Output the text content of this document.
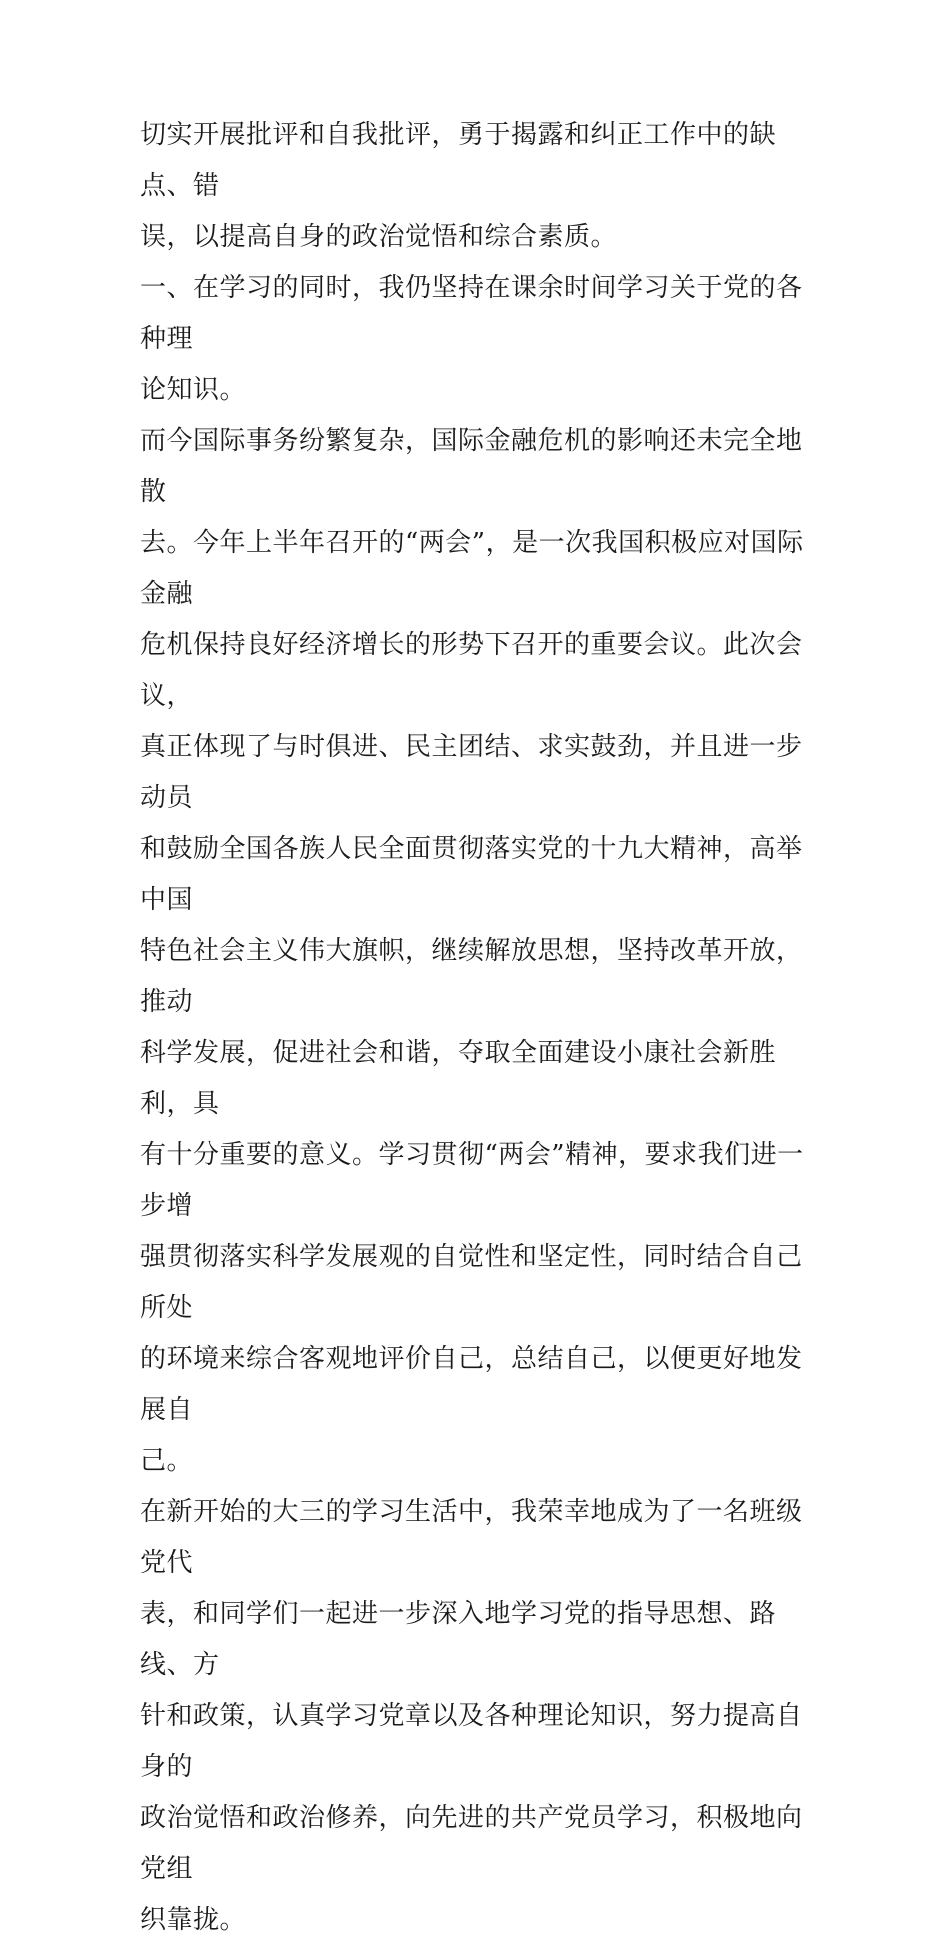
切实开展批评和自我批评，勇于揭露和纠正工作中的缺点、错
误，以提高自身的政治觉悟和综合素质。
一、在学习的同时，我仍坚持在课余时间学习关于党的各种理
论知识。
而今国际事务纷繁复杂，国际金融危机的影响还未完全地散
去。今年上半年召开的“两会”，是一次我国积极应对国际金融
危机保持良好经济增长的形势下召开的重要会议。此次会议，
真正体现了与时俱进、民主团结、求实鼓劲，并且进一步动员
和鼓励全国各族人民全面贯彻落实党的十九大精神，高举中国
特色社会主义伟大旗帜，继续解放思想，坚持改革开放，推动
科学发展，促进社会和谐，夺取全面建设小康社会新胜利，具
有十分重要的意义。学习贯彻“两会”精神，要求我们进一步增
强贯彻落实科学发展观的自觉性和坚定性，同时结合自己所处
的环境来综合客观地评价自己，总结自己，以便更好地发展自
己。
在新开始的大三的学习生活中，我荣幸地成为了一名班级党代
表，和同学们一起进一步深入地学习党的指导思想、路线、方
针和政策，认真学习党章以及各种理论知识，努力提高自身的
政治觉悟和政治修养，向先进的共产党员学习，积极地向党组
织靠拢。
